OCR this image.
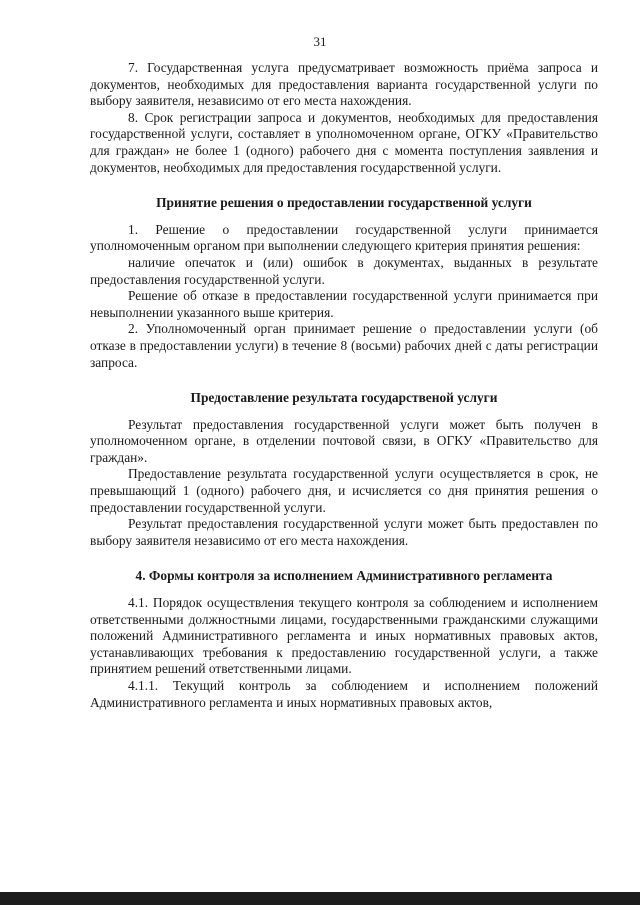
31

7. Государственная услуга предусматривает возможность приёма запроса и документов, необходимых для предоставления варианта государственной услуги по выбору заявителя, независимо от его места нахождения.

8. Срок регистрации запроса и документов, необходимых для предоставления государственной услуги, составляет в уполномоченном органе, ОГКУ «Правительство для граждан» не более 1 (одного) рабочего дня с момента поступления заявления и документов, необходимых для предоставления государственной услуги.

Принятие решения о предоставлении государственной услуги

1. Решение о предоставлении государственной услуги принимается уполномоченным органом при выполнении следующего критерия принятия решения:

наличие опечаток и (или) ошибок в документах, выданных в результате предоставления государственной услуги.

Решение об отказе в предоставлении государственной услуги принимается при невыполнении указанного выше критерия.

2. Уполномоченный орган принимает решение о предоставлении услуги (об отказе в предоставлении услуги) в течение 8 (восьми) рабочих дней с даты регистрации запроса.

Предоставление результата государственой услуги

Результат предоставления государственной услуги может быть получен в уполномоченном органе, в отделении почтовой связи, в ОГКУ «Правительство для граждан».

Предоставление результата государственной услуги осуществляется в срок, не превышающий 1 (одного) рабочего дня, и исчисляется со дня принятия решения о предоставлении государственной услуги.

Результат предоставления государственной услуги может быть предоставлен по выбору заявителя независимо от его места нахождения.

4. Формы контроля за исполнением Административного регламента

4.1. Порядок осуществления текущего контроля за соблюдением и исполнением ответственными должностными лицами, государственными гражданскими служащими положений Административного регламента и иных нормативных правовых актов, устанавливающих требования к предоставлению государственной услуги, а также принятием решений ответственными лицами.

4.1.1. Текущий контроль за соблюдением и исполнением положений Административного регламента и иных нормативных правовых актов,
